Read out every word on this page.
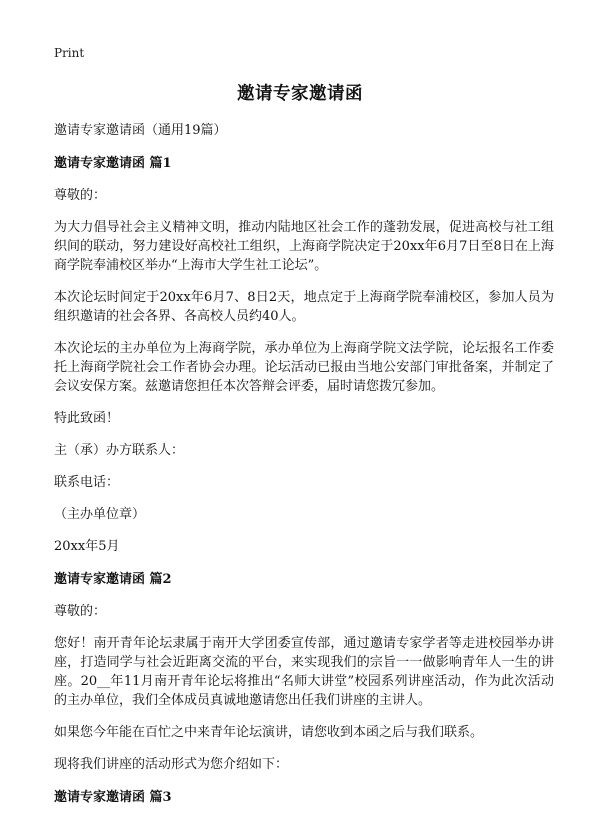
Print
邀请专家邀请函

邀请专家邀请函（通用19篇）

邀请专家邀请函 篇1

尊敬的：

为大力倡导社会主义精神文明，推动内陆地区社会工作的蓬勃发展，促进高校与社工组织间的联动，努力建设好高校社工组织，上海商学院决定于20xx年6月7日至8日在上海商学院奉浦校区举办“上海市大学生社工论坛”。

本次论坛时间定于20xx年6月7、8日2天，地点定于上海商学院奉浦校区，参加人员为组织邀请的社会各界、各高校人员约40人。

本次论坛的主办单位为上海商学院，承办单位为上海商学院文法学院，论坛报名工作委托上海商学院社会工作者协会办理。论坛活动已报由当地公安部门审批备案，并制定了会议安保方案。兹邀请您担任本次答辩会评委，届时请您拨冗参加。

特此致函！

主（承）办方联系人：

联系电话：

（主办单位章）

20xx年5月

邀请专家邀请函 篇2

尊敬的：

您好！南开青年论坛隶属于南开大学团委宣传部，通过邀请专家学者等走进校园举办讲座，打造同学与社会近距离交流的平台，来实现我们的宗旨一一做影响青年人一生的讲座。20__年11月南开青年论坛将推出“名师大讲堂”校园系列讲座活动，作为此次活动的主办单位，我们全体成员真诚地邀请您出任我们讲座的主讲人。

如果您今年能在百忙之中来青年论坛演讲，请您收到本函之后与我们联系。

现将我们讲座的活动形式为您介绍如下：

邀请专家邀请函 篇3
